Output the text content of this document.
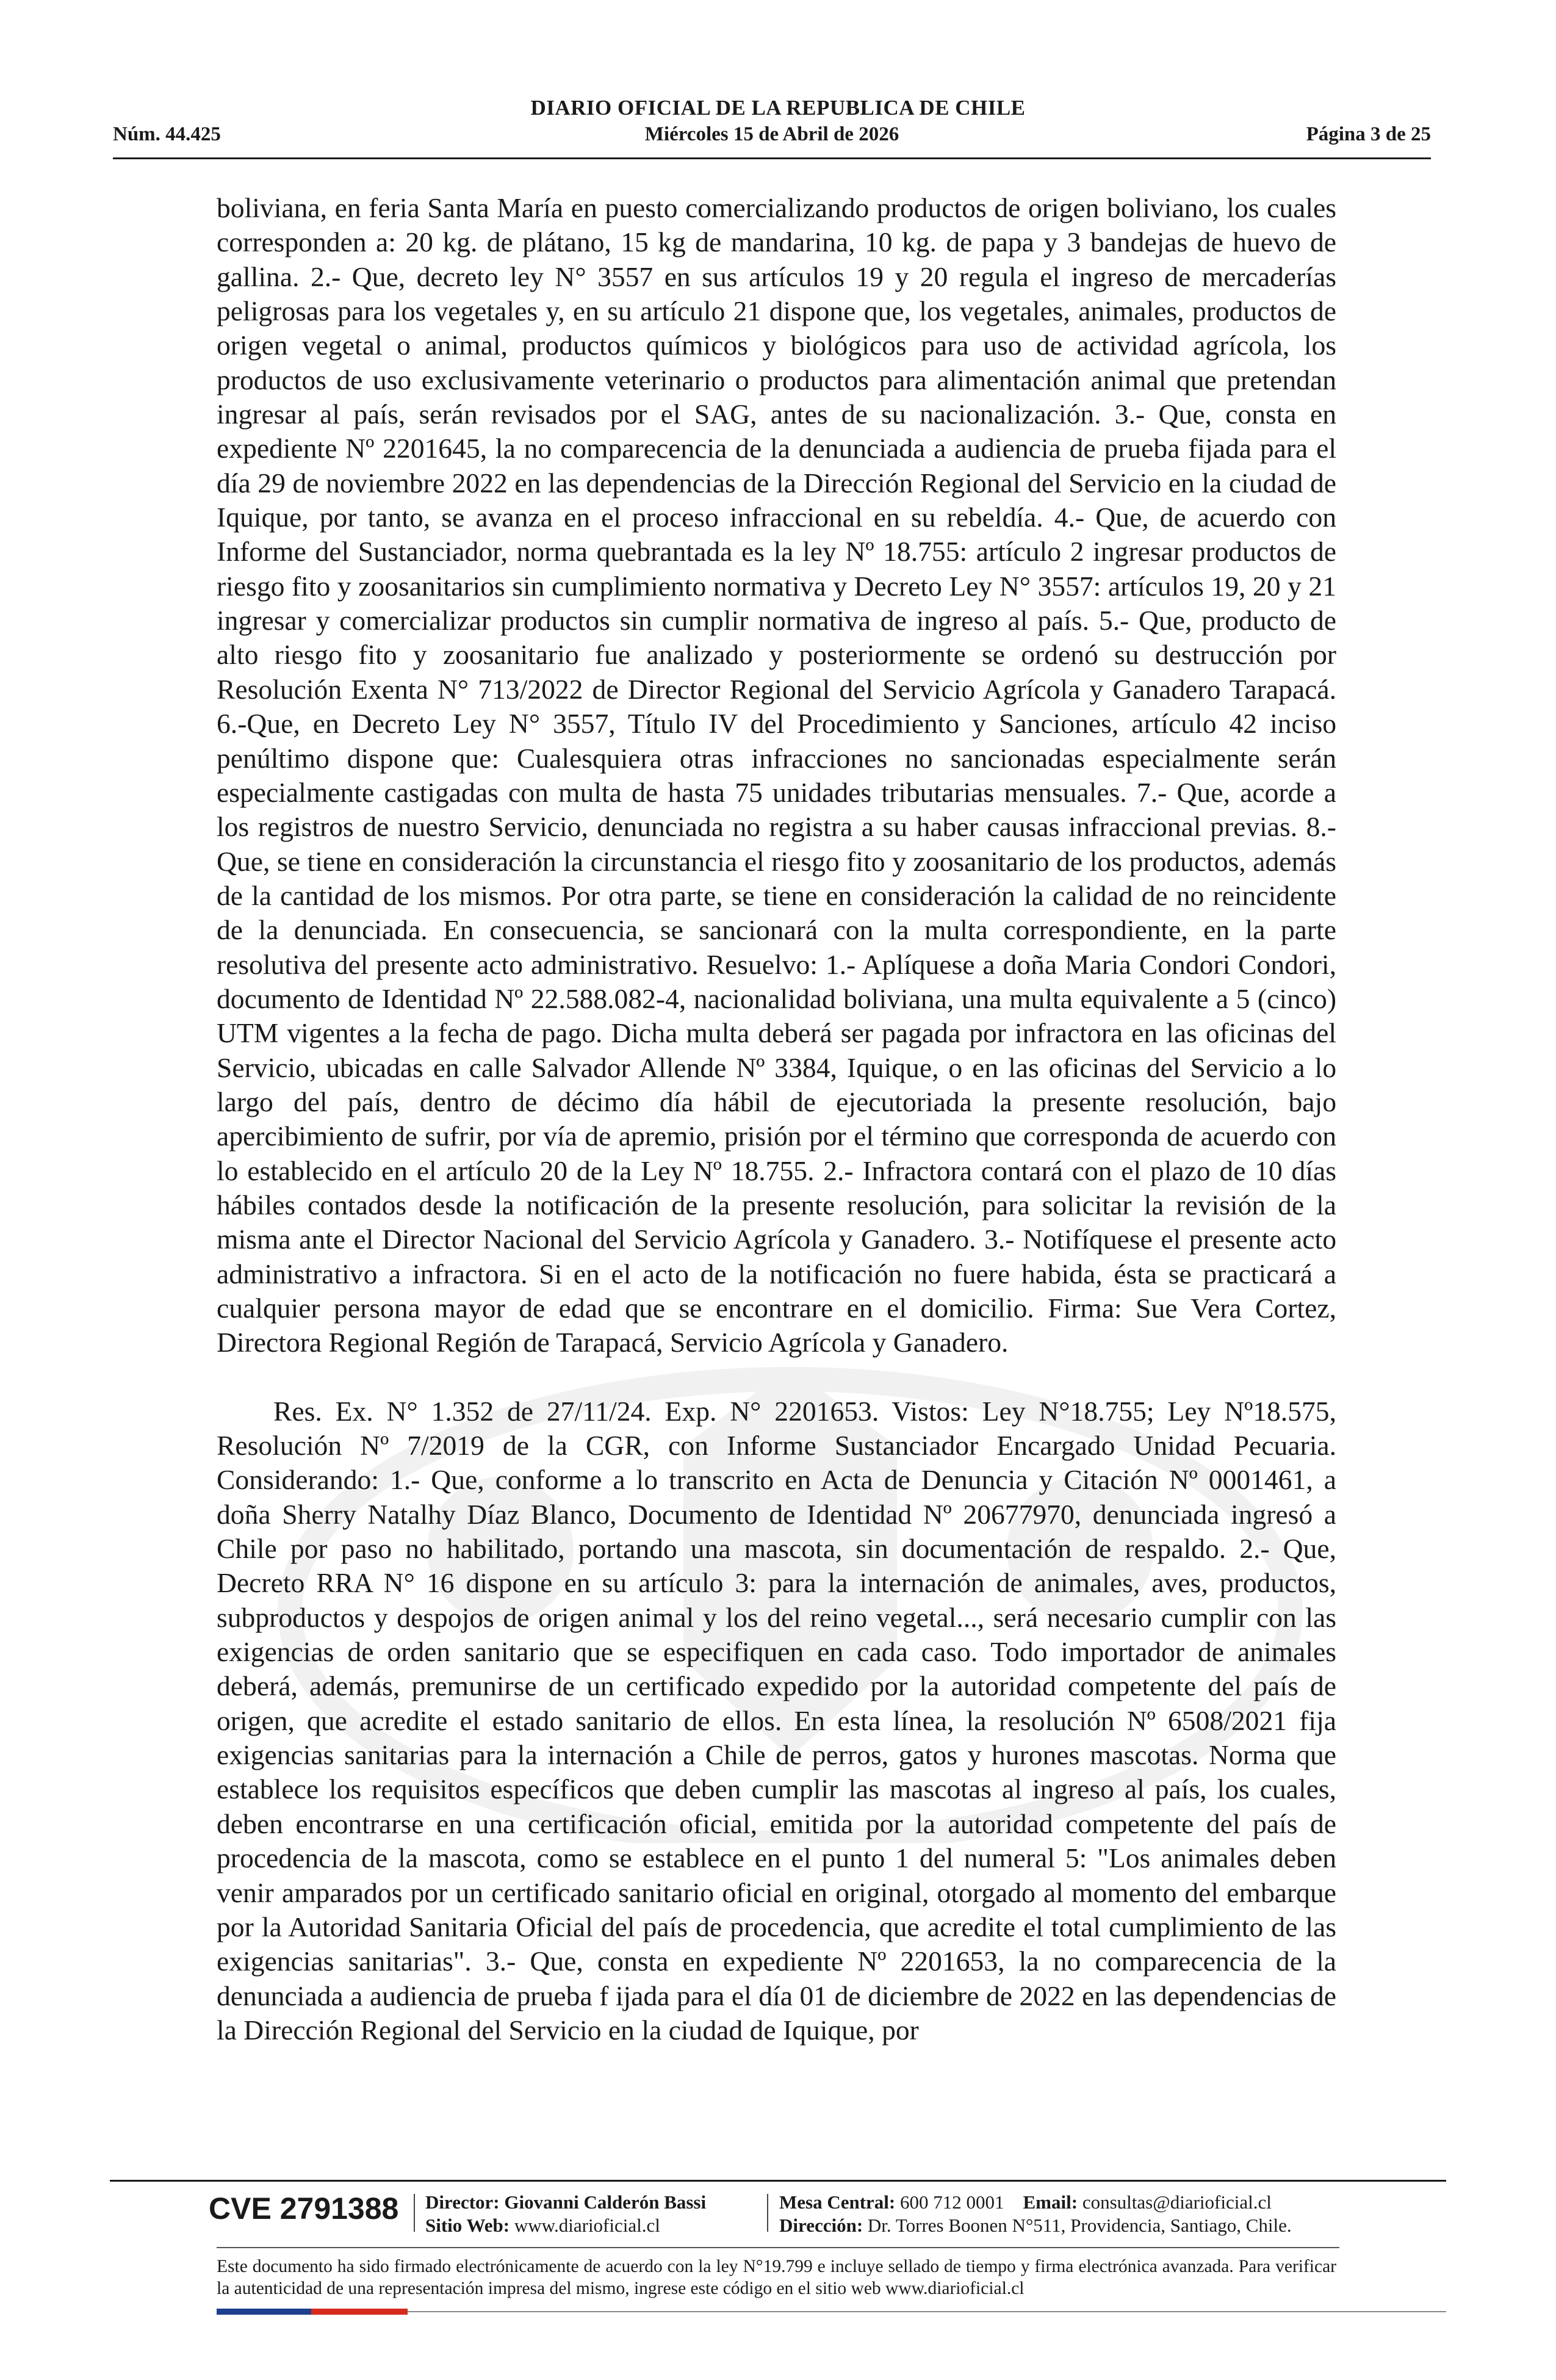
DIARIO OFICIAL DE LA REPUBLICA DE CHILE
Núm. 44.425	Miércoles 15 de Abril de 2026	Página 3 de 25

boliviana, en feria Santa María en puesto comercializando productos de origen boliviano, los cuales corresponden a: 20 kg. de plátano, 15 kg de mandarina, 10 kg. de papa y 3 bandejas de huevo de gallina. 2.- Que, decreto ley N° 3557 en sus artículos 19 y 20 regula el ingreso de mercaderías peligrosas para los vegetales y, en su artículo 21 dispone que, los vegetales, animales, productos de origen vegetal o animal, productos químicos y biológicos para uso de actividad agrícola, los productos de uso exclusivamente veterinario o productos para alimentación animal que pretendan ingresar al país, serán revisados por el SAG, antes de su nacionalización. 3.- Que, consta en expediente Nº 2201645, la no comparecencia de la denunciada a audiencia de prueba fijada para el día 29 de noviembre 2022 en las dependencias de la Dirección Regional del Servicio en la ciudad de Iquique, por tanto, se avanza en el proceso infraccional en su rebeldía. 4.- Que, de acuerdo con Informe del Sustanciador, norma quebrantada es la ley Nº 18.755: artículo 2 ingresar productos de riesgo fito y zoosanitarios sin cumplimiento normativa y Decreto Ley N° 3557: artículos 19, 20 y 21 ingresar y comercializar productos sin cumplir normativa de ingreso al país. 5.- Que, producto de alto riesgo fito y zoosanitario fue analizado y posteriormente se ordenó su destrucción por Resolución Exenta N° 713/2022 de Director Regional del Servicio Agrícola y Ganadero Tarapacá. 6.-Que, en Decreto Ley N° 3557, Título IV del Procedimiento y Sanciones, artículo 42 inciso penúltimo dispone que: Cualesquiera otras infracciones no sancionadas especialmente serán especialmente castigadas con multa de hasta 75 unidades tributarias mensuales. 7.- Que, acorde a los registros de nuestro Servicio, denunciada no registra a su haber causas infraccional previas. 8.- Que, se tiene en consideración la circunstancia el riesgo fito y zoosanitario de los productos, además de la cantidad de los mismos. Por otra parte, se tiene en consideración la calidad de no reincidente de la denunciada. En consecuencia, se sancionará con la multa correspondiente, en la parte resolutiva del presente acto administrativo. Resuelvo: 1.- Aplíquese a doña Maria Condori Condori, documento de Identidad Nº 22.588.082-4, nacionalidad boliviana, una multa equivalente a 5 (cinco) UTM vigentes a la fecha de pago. Dicha multa deberá ser pagada por infractora en las oficinas del Servicio, ubicadas en calle Salvador Allende Nº 3384, Iquique, o en las oficinas del Servicio a lo largo del país, dentro de décimo día hábil de ejecutoriada la presente resolución, bajo apercibimiento de sufrir, por vía de apremio, prisión por el término que corresponda de acuerdo con lo establecido en el artículo 20 de la Ley Nº 18.755. 2.- Infractora contará con el plazo de 10 días hábiles contados desde la notificación de la presente resolución, para solicitar la revisión de la misma ante el Director Nacional del Servicio Agrícola y Ganadero. 3.- Notifíquese el presente acto administrativo a infractora. Si en el acto de la notificación no fuere habida, ésta se practicará a cualquier persona mayor de edad que se encontrare en el domicilio. Firma: Sue Vera Cortez, Directora Regional Región de Tarapacá, Servicio Agrícola y Ganadero.

Res. Ex. N° 1.352 de 27/11/24. Exp. N° 2201653. Vistos: Ley N°18.755; Ley Nº18.575, Resolución Nº 7/2019 de la CGR, con Informe Sustanciador Encargado Unidad Pecuaria. Considerando: 1.- Que, conforme a lo transcrito en Acta de Denuncia y Citación Nº 0001461, a doña Sherry Natalhy Díaz Blanco, Documento de Identidad Nº 20677970, denunciada ingresó a Chile por paso no habilitado, portando una mascota, sin documentación de respaldo. 2.- Que, Decreto RRA N° 16 dispone en su artículo 3: para la internación de animales, aves, productos, subproductos y despojos de origen animal y los del reino vegetal..., será necesario cumplir con las exigencias de orden sanitario que se especifiquen en cada caso. Todo importador de animales deberá, además, premunirse de un certificado expedido por la autoridad competente del país de origen, que acredite el estado sanitario de ellos. En esta línea, la resolución Nº 6508/2021 fija exigencias sanitarias para la internación a Chile de perros, gatos y hurones mascotas. Norma que establece los requisitos específicos que deben cumplir las mascotas al ingreso al país, los cuales, deben encontrarse en una certificación oficial, emitida por la autoridad competente del país de procedencia de la mascota, como se establece en el punto 1 del numeral 5: "Los animales deben venir amparados por un certificado sanitario oficial en original, otorgado al momento del embarque por la Autoridad Sanitaria Oficial del país de procedencia, que acredite el total cumplimiento de las exigencias sanitarias". 3.- Que, consta en expediente Nº 2201653, la no comparecencia de la denunciada a audiencia de prueba f ijada para el día 01 de diciembre de 2022 en las dependencias de la Dirección Regional del Servicio en la ciudad de Iquique, por

CVE 2791388 Director: Giovanni Calderón Bassi
Sitio Web: www.diarioficial.cl
Mesa Central: 600 712 0001 Email: consultas@diarioficial.cl
Dirección: Dr. Torres Boonen N°511, Providencia, Santiago, Chile.
Este documento ha sido firmado electrónicamente de acuerdo con la ley N°19.799 e incluye sellado de tiempo y firma electrónica avanzada. Para verificar la autenticidad de una representación impresa del mismo, ingrese este código en el sitio web www.diarioficial.cl
